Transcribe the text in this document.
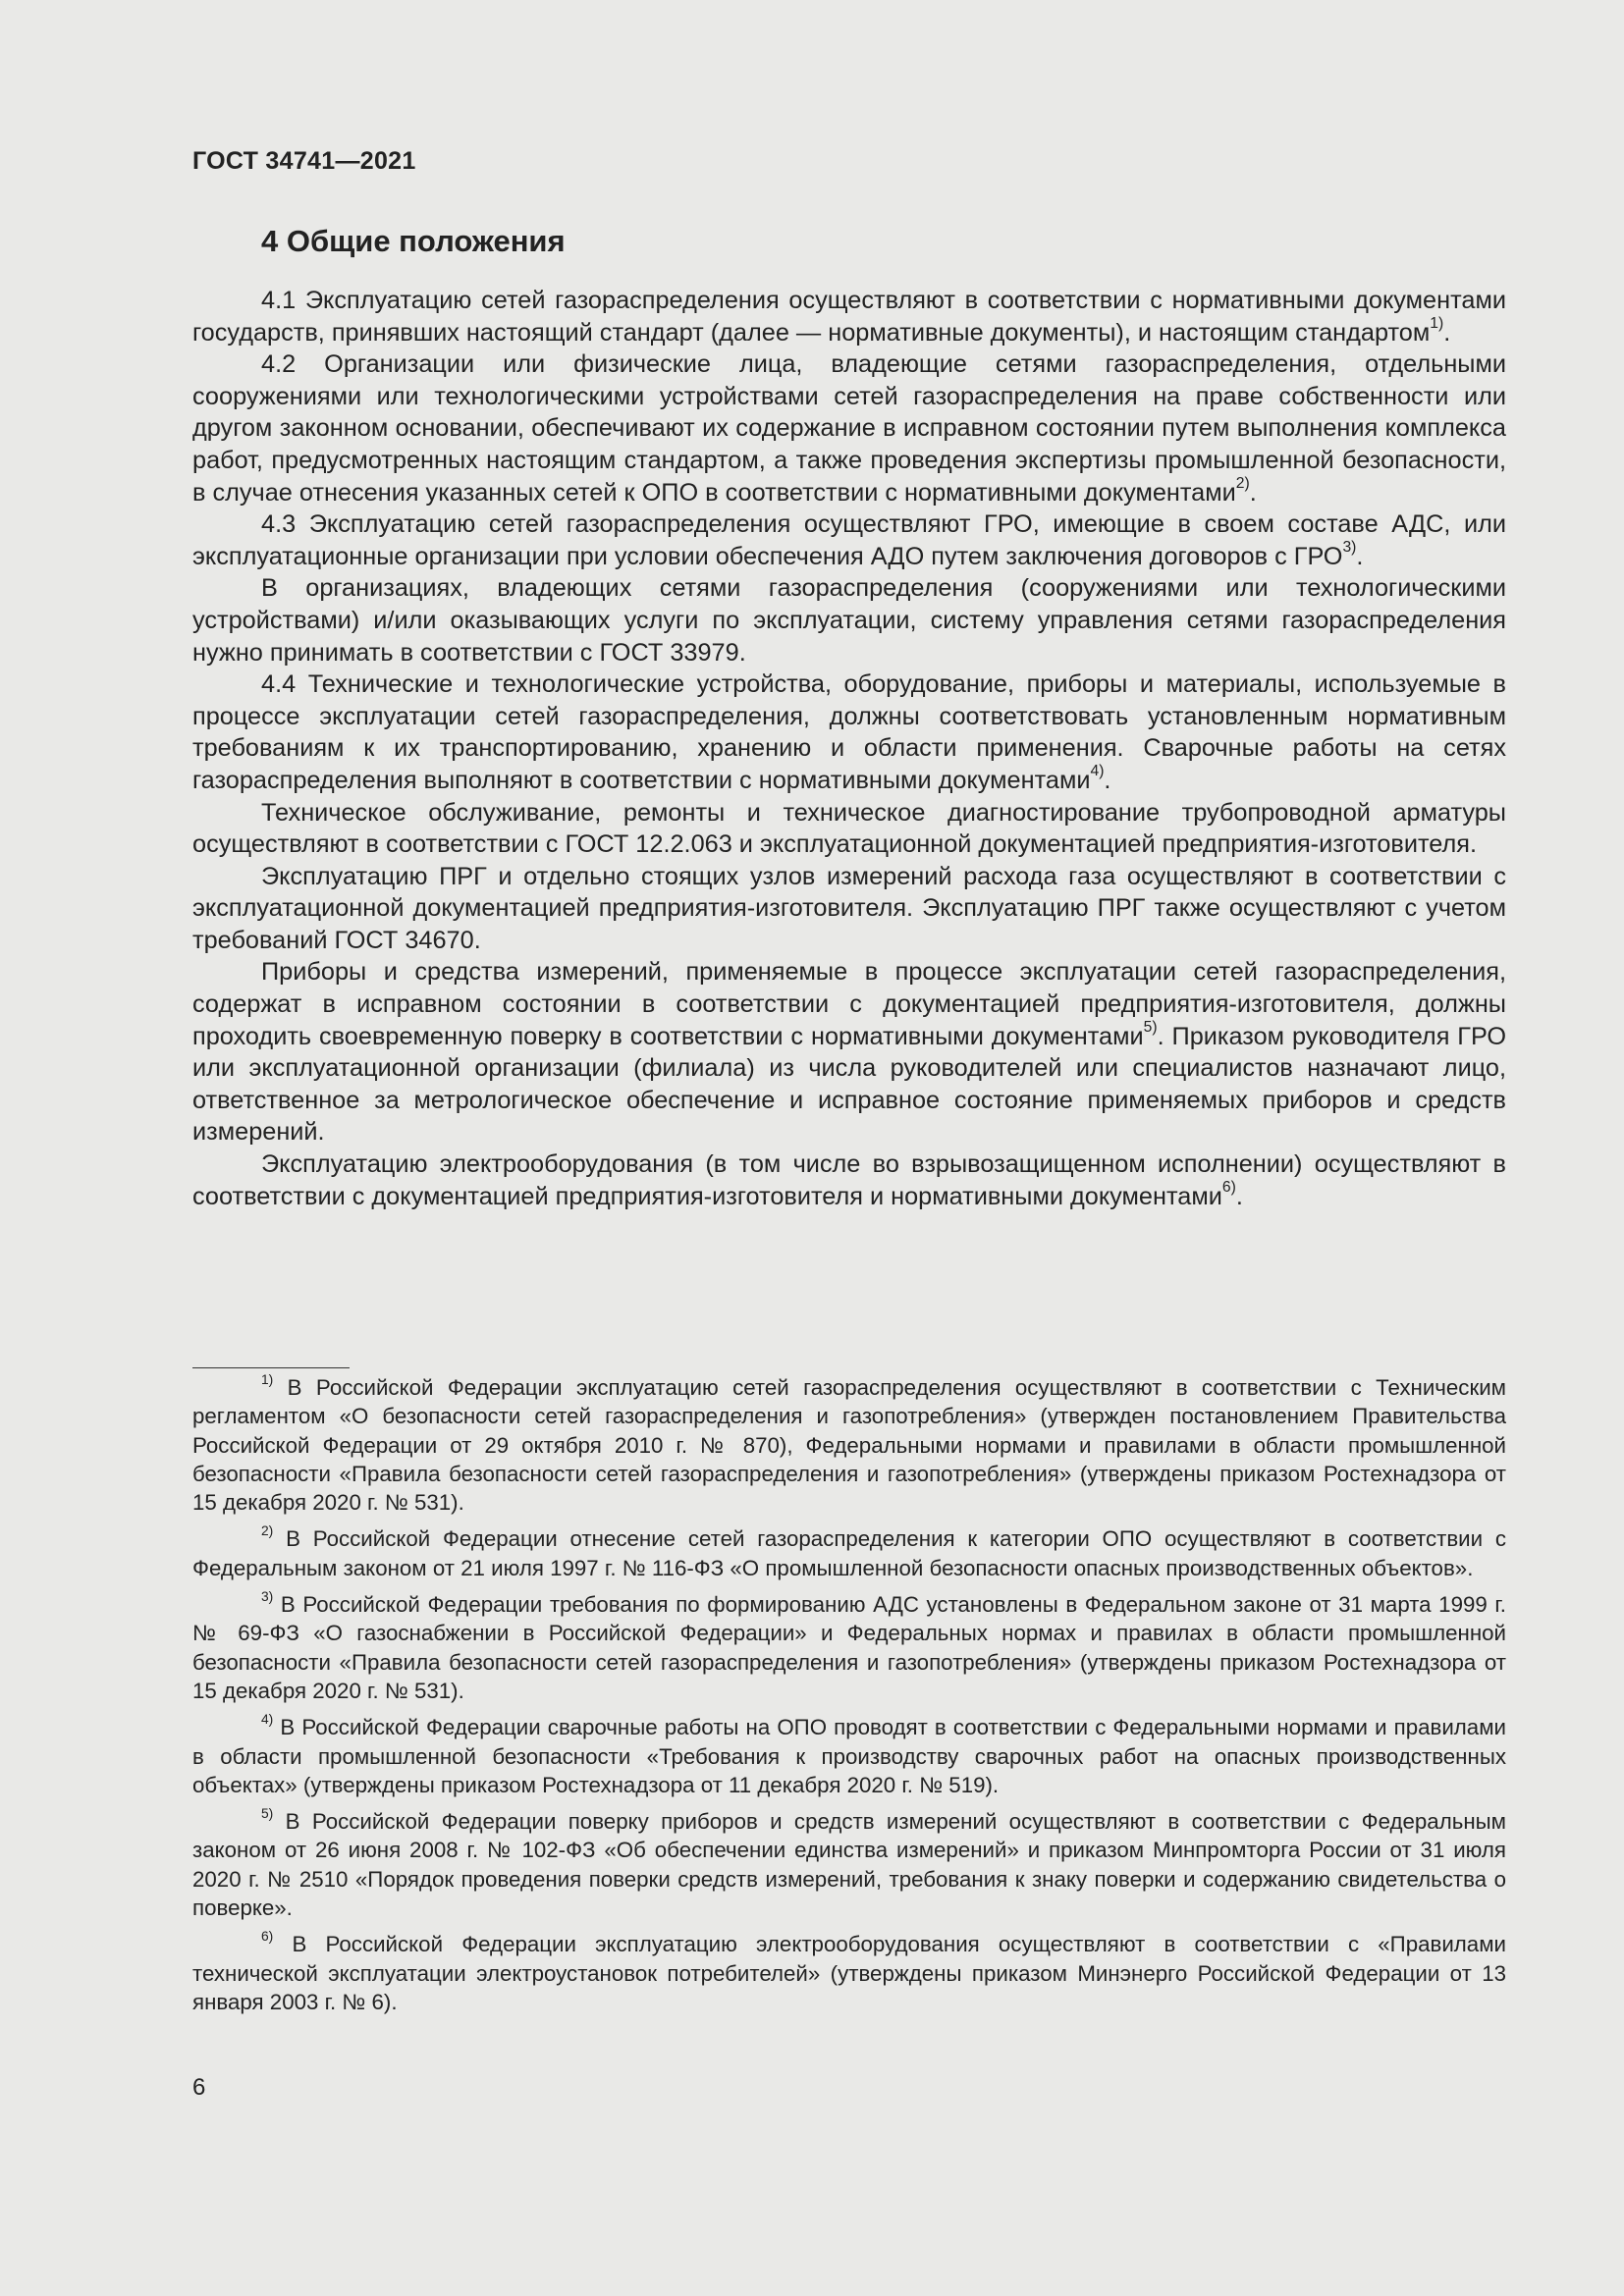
ГОСТ 34741—2021
4 Общие положения

4.1 Эксплуатацию сетей газораспределения осуществляют в соответствии с нормативными документами государств, принявших настоящий стандарт (далее — нормативные документы), и настоящим стандартом$^{1)}$.

4.2 Организации или физические лица, владеющие сетями газораспределения, отдельными сооружениями или технологическими устройствами сетей газораспределения на праве собственности или другом законном основании, обеспечивают их содержание в исправном состоянии путем выполнения комплекса работ, предусмотренных настоящим стандартом, а также проведения экспертизы промышленной безопасности, в случае отнесения указанных сетей к ОПО в соответствии с нормативными документами$^{2)}$.

4.3 Эксплуатацию сетей газораспределения осуществляют ГРО, имеющие в своем составе АДС, или эксплуатационные организации при условии обеспечения АДО путем заключения договоров с ГРО$^{3)}$.

В организациях, владеющих сетями газораспределения (сооружениями или технологическими устройствами) и/или оказывающих услуги по эксплуатации, систему управления сетями газораспределения нужно принимать в соответствии с ГОСТ 33979.

4.4 Технические и технологические устройства, оборудование, приборы и материалы, используемые в процессе эксплуатации сетей газораспределения, должны соответствовать установленным нормативным требованиям к их транспортированию, хранению и области применения. Сварочные работы на сетях газораспределения выполняют в соответствии с нормативными документами$^{4)}$.

Техническое обслуживание, ремонты и техническое диагностирование трубопроводной арматуры осуществляют в соответствии с ГОСТ 12.2.063 и эксплуатационной документацией предприятия-изготовителя.

Эксплуатацию ПРГ и отдельно стоящих узлов измерений расхода газа осуществляют в соответствии с эксплуатационной документацией предприятия-изготовителя. Эксплуатацию ПРГ также осуществляют с учетом требований ГОСТ 34670.

Приборы и средства измерений, применяемые в процессе эксплуатации сетей газораспределения, содержат в исправном состоянии в соответствии с документацией предприятия-изготовителя, должны проходить своевременную поверку в соответствии с нормативными документами$^{5)}$. Приказом руководителя ГРО или эксплуатационной организации (филиала) из числа руководителей или специалистов назначают лицо, ответственное за метрологическое обеспечение и исправное состояние применяемых приборов и средств измерений.

Эксплуатацию электрооборудования (в том числе во взрывозащищенном исполнении) осуществляют в соответствии с документацией предприятия-изготовителя и нормативными документами$^{6)}$.

$^{1)}$ В Российской Федерации эксплуатацию сетей газораспределения осуществляют в соответствии с Техническим регламентом «О безопасности сетей газораспределения и газопотребления» (утвержден постановлением Правительства Российской Федерации от 29 октября 2010 г. № 870), Федеральными нормами и правилами в области промышленной безопасности «Правила безопасности сетей газораспределения и газопотребления» (утверждены приказом Ростехнадзора от 15 декабря 2020 г. № 531).

$^{2)}$ В Российской Федерации отнесение сетей газораспределения к категории ОПО осуществляют в соответствии с Федеральным законом от 21 июля 1997 г. № 116-ФЗ «О промышленной безопасности опасных производственных объектов».

$^{3)}$ В Российской Федерации требования по формированию АДС установлены в Федеральном законе от 31 марта 1999 г. № 69-ФЗ «О газоснабжении в Российской Федерации» и Федеральных нормах и правилах в области промышленной безопасности «Правила безопасности сетей газораспределения и газопотребления» (утверждены приказом Ростехнадзора от 15 декабря 2020 г. № 531).

$^{4)}$ В Российской Федерации сварочные работы на ОПО проводят в соответствии с Федеральными нормами и правилами в области промышленной безопасности «Требования к производству сварочных работ на опасных производственных объектах» (утверждены приказом Ростехнадзора от 11 декабря 2020 г. № 519).

$^{5)}$ В Российской Федерации поверку приборов и средств измерений осуществляют в соответствии с Федеральным законом от 26 июня 2008 г. № 102-ФЗ «Об обеспечении единства измерений» и приказом Минпромторга России от 31 июля 2020 г. № 2510 «Порядок проведения поверки средств измерений, требования к знаку поверки и содержанию свидетельства о поверке».

$^{6)}$ В Российской Федерации эксплуатацию электрооборудования осуществляют в соответствии с «Правилами технической эксплуатации электроустановок потребителей» (утверждены приказом Минэнерго Российской Федерации от 13 января 2003 г. № 6).

6
